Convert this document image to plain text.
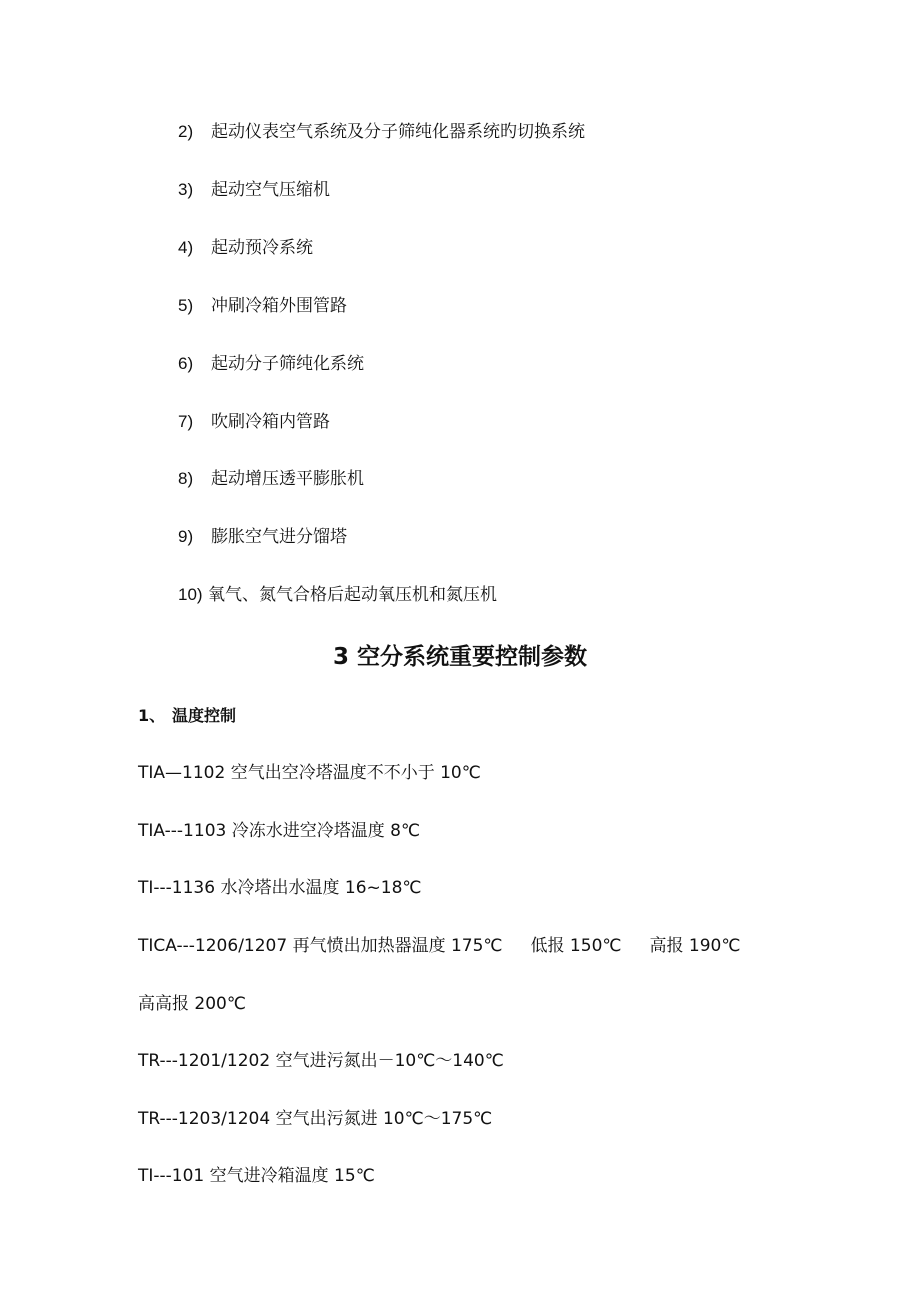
2) 起动仪表空气系统及分子筛纯化器系统旳切换系统
3) 起动空气压缩机
4) 起动预冷系统
5) 冲刷冷箱外围管路
6) 起动分子筛纯化系统
7) 吹刷冷箱内管路
8) 起动增压透平膨胀机
9) 膨胀空气进分馏塔
10) 氧气、氮气合格后起动氧压机和氮压机
3 空分系统重要控制参数
1、 温度控制

TIA—1102 空气出空冷塔温度不不小于 10℃

TIA---1103 冷冻水进空冷塔温度 8℃

TI---1136 水冷塔出水温度 16~18℃

TICA---1206/1207 再气愤出加热器温度 175℃ 低报 150℃ 高报 190℃

高高报 200℃

TR---1201/1202 空气进污氮出－10℃～140℃

TR---1203/1204 空气出污氮进 10℃～175℃

TI---101 空气进冷箱温度 15℃
